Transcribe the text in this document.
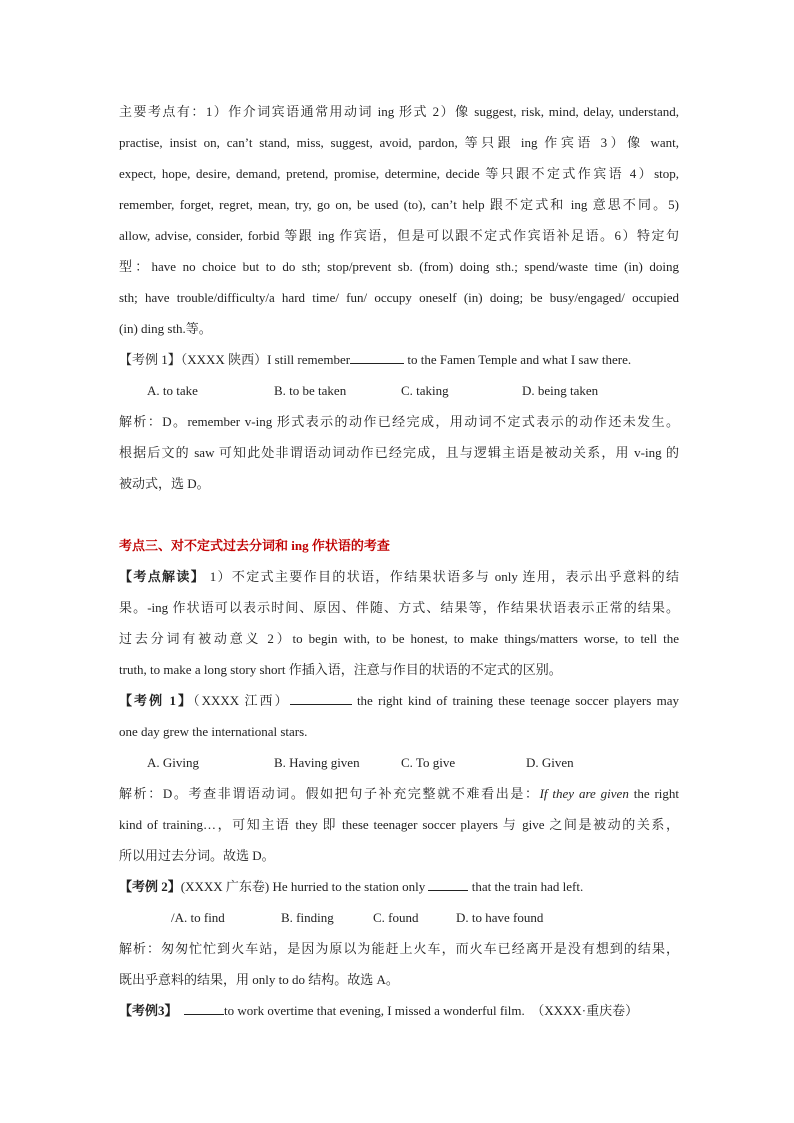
主要考点有：1）作介词宾语通常用动词 ing 形式 2）像 suggest, risk, mind, delay, understand,
practise, insist on, can’t stand, miss, suggest, avoid, pardon, 等只跟 ing 作宾语 3）像 want,
expect, hope, desire, demand, pretend, promise, determine, decide 等只跟不定式作宾语 4）stop,
remember, forget, regret, mean, try, go on, be used (to), can’t help 跟不定式和 ing 意思不同。5)
allow, advise, consider, forbid 等跟 ing 作宾语，但是可以跟不定式作宾语补足语。6）特定句
型：have no choice but to do sth; stop/prevent sb. (from) doing sth.; spend/waste time (in) doing
sth; have trouble/difficulty/a hard time/ fun/ occupy oneself (in) doing; be busy/engaged/ occupied
(in) ding sth.等。
【考例 1】（XXXX 陕西）I still remember	to the Famen Temple and what I saw there.
A. to take	B. to be taken	C. taking	D. being taken
解析：D。remember v-ing 形式表示的动作已经完成，用动词不定式表示的动作还未发生。
根据后文的 saw 可知此处非谓语动词动作已经完成，且与逻辑主语是被动关系，用 v-ing 的
被动式，选 D。
考点三、对不定式过去分词和 ing 作状语的考查
【考点解读】 1）不定式主要作目的状语，作结果状语多与 only 连用，表示出乎意料的结
果。-ing 作状语可以表示时间、原因、伴随、方式、结果等，作结果状语表示正常的结果。
过去分词有被动意义 2）to begin with, to be honest, to make things/matters worse, to tell the
truth, to make a long story short 作插入语，注意与作目的状语的不定式的区别。
【考例 1】（XXXX 江西）	the right kind of training these teenage soccer players may
one day grew the international stars.
A. Giving	B. Having given	C. To give	D. Given
解析：D。考查非谓语动词。假如把句子补充完整就不难看出是：If they are given the right
kind of training…，可知主语 they 即 these teenager soccer players 与 give 之间是被动的关系，
所以用过去分词。故选 D。
【考例 2】(XXXX 广东卷) He hurried to the station only	that the train had left.
/A. to find	B. finding	C. found	D. to have found
解析：匆匆忙忙到火车站，是因为原以为能赶上火车，而火车已经离开是没有想到的结果，
既出乎意料的结果，用 only to do 结构。故选 A。
【考例3】	to work overtime that evening, I missed a wonderful film. （XXXX·重庆卷）
